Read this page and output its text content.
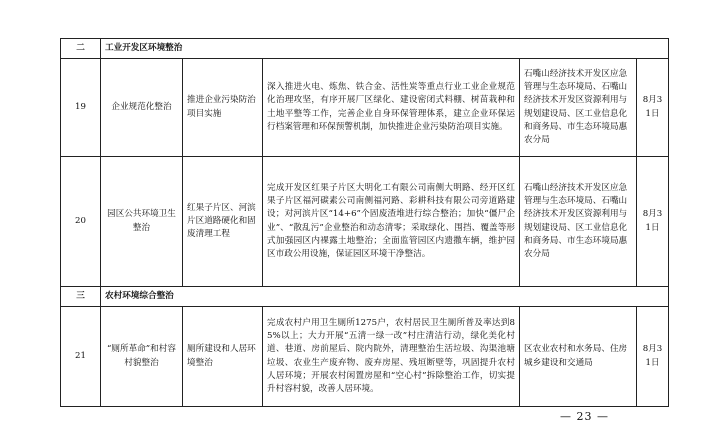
二	工业开发区环境整治				
19	企业规范化整治	推进企业污染防治项目实施	深入推进火电、炼焦、铁合金、活性炭等重点行业工业企业规范化治理攻坚，有序开展厂区绿化、建设密闭式料棚、树苗栽种和土地平整等工作，完善企业自身环保管理体系，建立企业环保运行档案管理和环保预警机制，加快推进企业污染防治项目实施。	石嘴山经济技术开发区应急管理与生态环境局、石嘴山经济技术开发区资源利用与规划建设局、区工业信息化和商务局、市生态环境局惠农分局	8月31日
20	园区公共环境卫生整治	红果子片区、河滨片区道路硬化和固废清理工程	完成开发区红果子片区大明化工有限公司南侧大明路、经开区红果子片区福河碳素公司南侧福河路、彩耕科技有限公司旁道路建设；对河滨片区“14+6”个固废渣堆进行综合整治；加快“僵尸企业”、“散乱污”企业整治和动态清零；采取绿化、围挡、覆盖等形式加强园区内裸露土地整治；全面监管园区内遗撒车辆，维护园区市政公用设施，保证园区环境干净整洁。	石嘴山经济技术开发区应急管理与生态环境局、石嘴山经济技术开发区资源利用与规划建设局、区工业信息化和商务局、市生态环境局惠农分局	8月31日
三	农村环境综合整治				
21	“厕所革命”和村容村貌整治	厕所建设和人居环境整治	完成农村户用卫生厕所1275户，农村居民卫生厕所普及率达到85%以上；大力开展“五清一绿一改”村庄清洁行动，绿化美化村道、巷道、房前屋后、院内院外，清理整治生活垃圾、沟渠池塘垃圾、农业生产废弃物、废弃房屋、残垣断壁等，巩固提升农村人居环境；开展农村闲置房屋和“空心村”拆除整治工作，切实提升村容村貌，改善人居环境。	区农业农村和水务局、住房城乡建设和交通局	8月31日
— 23 —
